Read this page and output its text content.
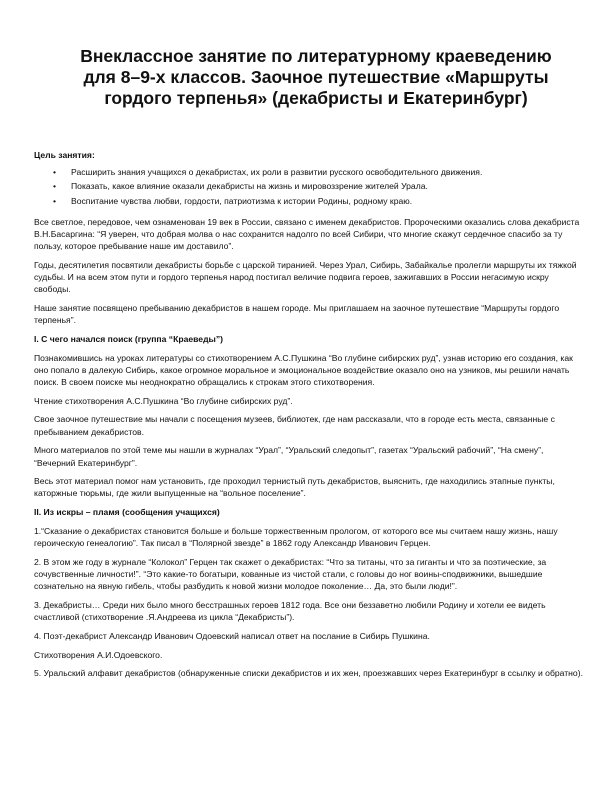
Внеклассное занятие по литературному краеведению
для 8–9-х классов. Заочное путешествие «Маршруты
гордого терпенья» (декабристы и Екатеринбург)
Цель занятия:
• Расширить знания учащихся о декабристах, их роли в развитии русского освободительного движения.
• Показать, какое влияние оказали декабристы на жизнь и мировоззрение жителей Урала.
• Воспитание чувства любви, гордости, патриотизма к истории Родины, родному краю.

Все светлое, передовое, чем ознаменован 19 век в России, связано с именем декабристов. Пророческими оказались слова декабриста В.Н.Басаргина: “Я уверен, что добрая молва о нас сохранится надолго по всей Сибири, что многие скажут сердечное спасибо за ту пользу, которое пребывание наше им доставило”.

Годы, десятилетия посвятили декабристы борьбе с царской тиранией. Через Урал, Сибирь, Забайкалье пролегли маршруты их тяжкой судьбы. И на всем этом пути и гордого терпенья народ постигал величие подвига героев, зажигавших в России негасимую искру свободы.

Наше занятие посвящено пребыванию декабристов в нашем городе. Мы приглашаем на заочное путешествие “Маршруты гордого терпенья”.

I. С чего начался поиск (группа “Краеведы”)

Познакомившись на уроках литературы со стихотворением А.С.Пушкина “Во глубине сибирских руд”, узнав историю его создания, как оно попало в далекую Сибирь, какое огромное моральное и эмоциональное воздействие оказало оно на узников, мы решили начать поиск. В своем поиске мы неоднократно обращались к строкам этого стихотворения.

Чтение стихотворения А.С.Пушкина “Во глубине сибирских руд”.

Свое заочное путешествие мы начали с посещения музеев, библиотек, где нам рассказали, что в городе есть места, связанные с пребыванием декабристов.

Много материалов по этой теме мы нашли в журналах “Урал”, “Уральский следопыт”, газетах “Уральский рабочий”, “На смену”, “Вечерний Екатеринбург”.

Весь этот материал помог нам установить, где проходил тернистый путь декабристов, выяснить, где находились этапные пункты, каторжные тюрьмы, где жили выпущенные на “вольное поселение”.

II. Из искры – пламя (сообщения учащихся)

1.“Сказание о декабристах становится больше и больше торжественным прологом, от которого все мы считаем нашу жизнь, нашу героическую генеалогию”. Так писал в “Полярной звезде” в 1862 году Александр Иванович Герцен.

2. В этом же году в журнале “Колокол” Герцен так скажет о декабристах: “Что за титаны, что за гиганты и что за поэтические, за сочувственные личности!”. “Это какие-то богатыри, кованные из чистой стали, с головы до ног воины-сподвижники, вышедшие сознательно на явную гибель, чтобы разбудить к новой жизни молодое поколение… Да, это были люди!”.

3. Декабристы… Среди них было много бесстрашных героев 1812 года. Все они беззаветно любили Родину и хотели ее видеть счастливой (стихотворение .Я.Андреева из цикла “Декабристы”).

4. Поэт-декабрист Александр Иванович Одоевский написал ответ на послание в Сибирь Пушкина.

Стихотворения А.И.Одоевского.

5. Уральский алфавит декабристов (обнаруженные списки декабристов и их жен, проезжавших через Екатеринбург в ссылку и обратно).
